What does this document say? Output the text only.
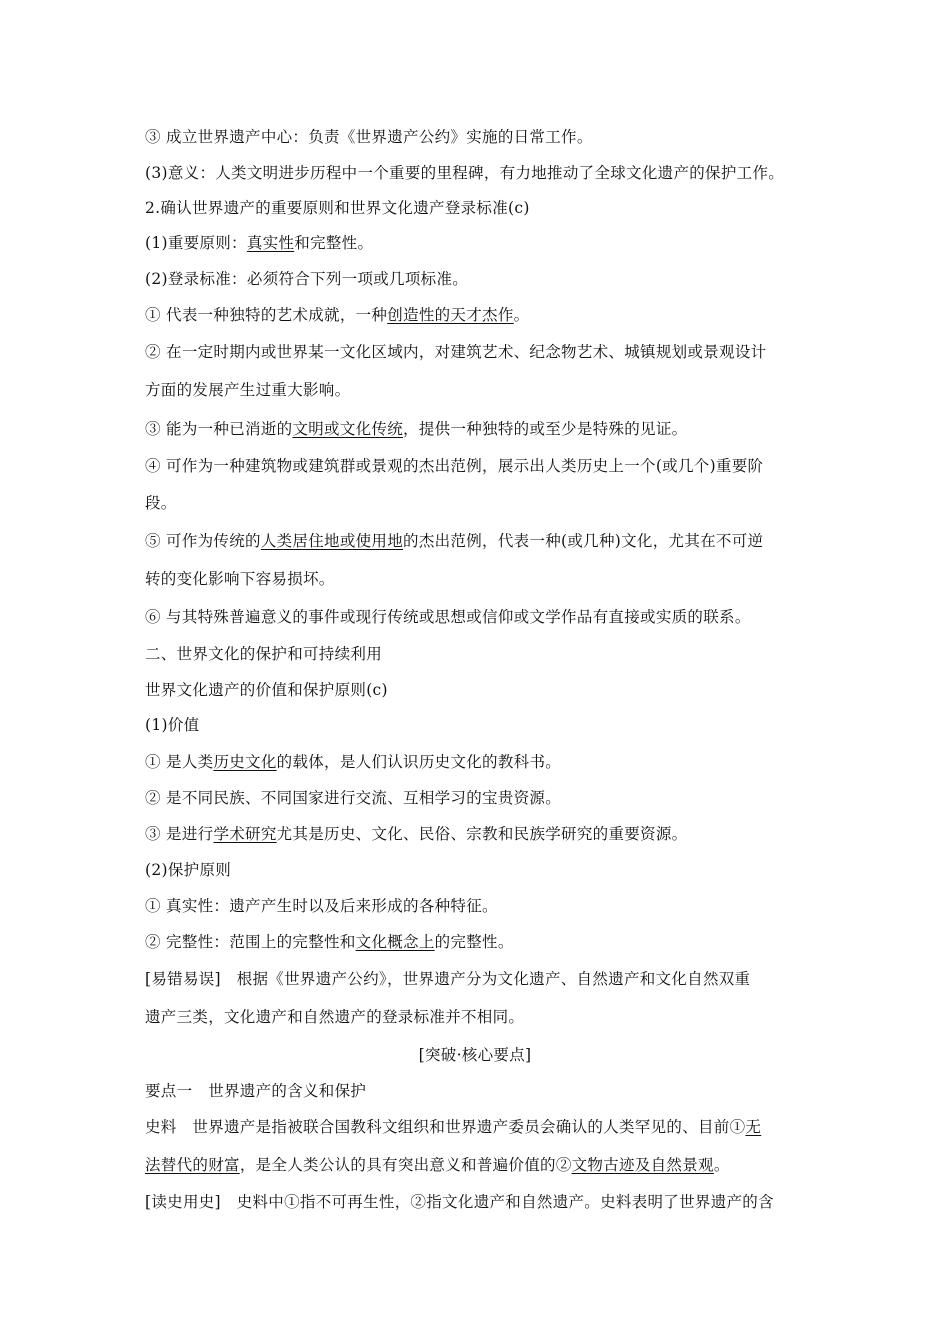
③ 成立世界遗产中心：负责《世界遗产公约》实施的日常工作。
(3)意义：人类文明进步历程中一个重要的里程碑，有力地推动了全球文化遗产的保护工作。
2.确认世界遗产的重要原则和世界文化遗产登录标准(c)
(1)重要原则：真实性和完整性。
(2)登录标准：必须符合下列一项或几项标准。
① 代表一种独特的艺术成就，一种创造性的天才杰作。
② 在一定时期内或世界某一文化区域内，对建筑艺术、纪念物艺术、城镇规划或景观设计
方面的发展产生过重大影响。
③ 能为一种已消逝的文明或文化传统，提供一种独特的或至少是特殊的见证。
④ 可作为一种建筑物或建筑群或景观的杰出范例，展示出人类历史上一个(或几个)重要阶
段。
⑤ 可作为传统的人类居住地或使用地的杰出范例，代表一种(或几种)文化，尤其在不可逆
转的变化影响下容易损坏。
⑥ 与其特殊普遍意义的事件或现行传统或思想或信仰或文学作品有直接或实质的联系。
二、世界文化的保护和可持续利用
世界文化遗产的价值和保护原则(c)
(1)价值
① 是人类历史文化的载体，是人们认识历史文化的教科书。
② 是不同民族、不同国家进行交流、互相学习的宝贵资源。
③ 是进行学术研究尤其是历史、文化、民俗、宗教和民族学研究的重要资源。
(2)保护原则
① 真实性：遗产产生时以及后来形成的各种特征。
② 完整性：范围上的完整性和文化概念上的完整性。
[易错易误]　根据《世界遗产公约》，世界遗产分为文化遗产、自然遗产和文化自然双重
遗产三类，文化遗产和自然遗产的登录标准并不相同。
[突破·核心要点]
要点一　世界遗产的含义和保护
史料　世界遗产是指被联合国教科文组织和世界遗产委员会确认的人类罕见的、目前①无
法替代的财富，是全人类公认的具有突出意义和普遍价值的②文物古迹及自然景观。
[读史用史]　史料中①指不可再生性，②指文化遗产和自然遗产。史料表明了世界遗产的含
